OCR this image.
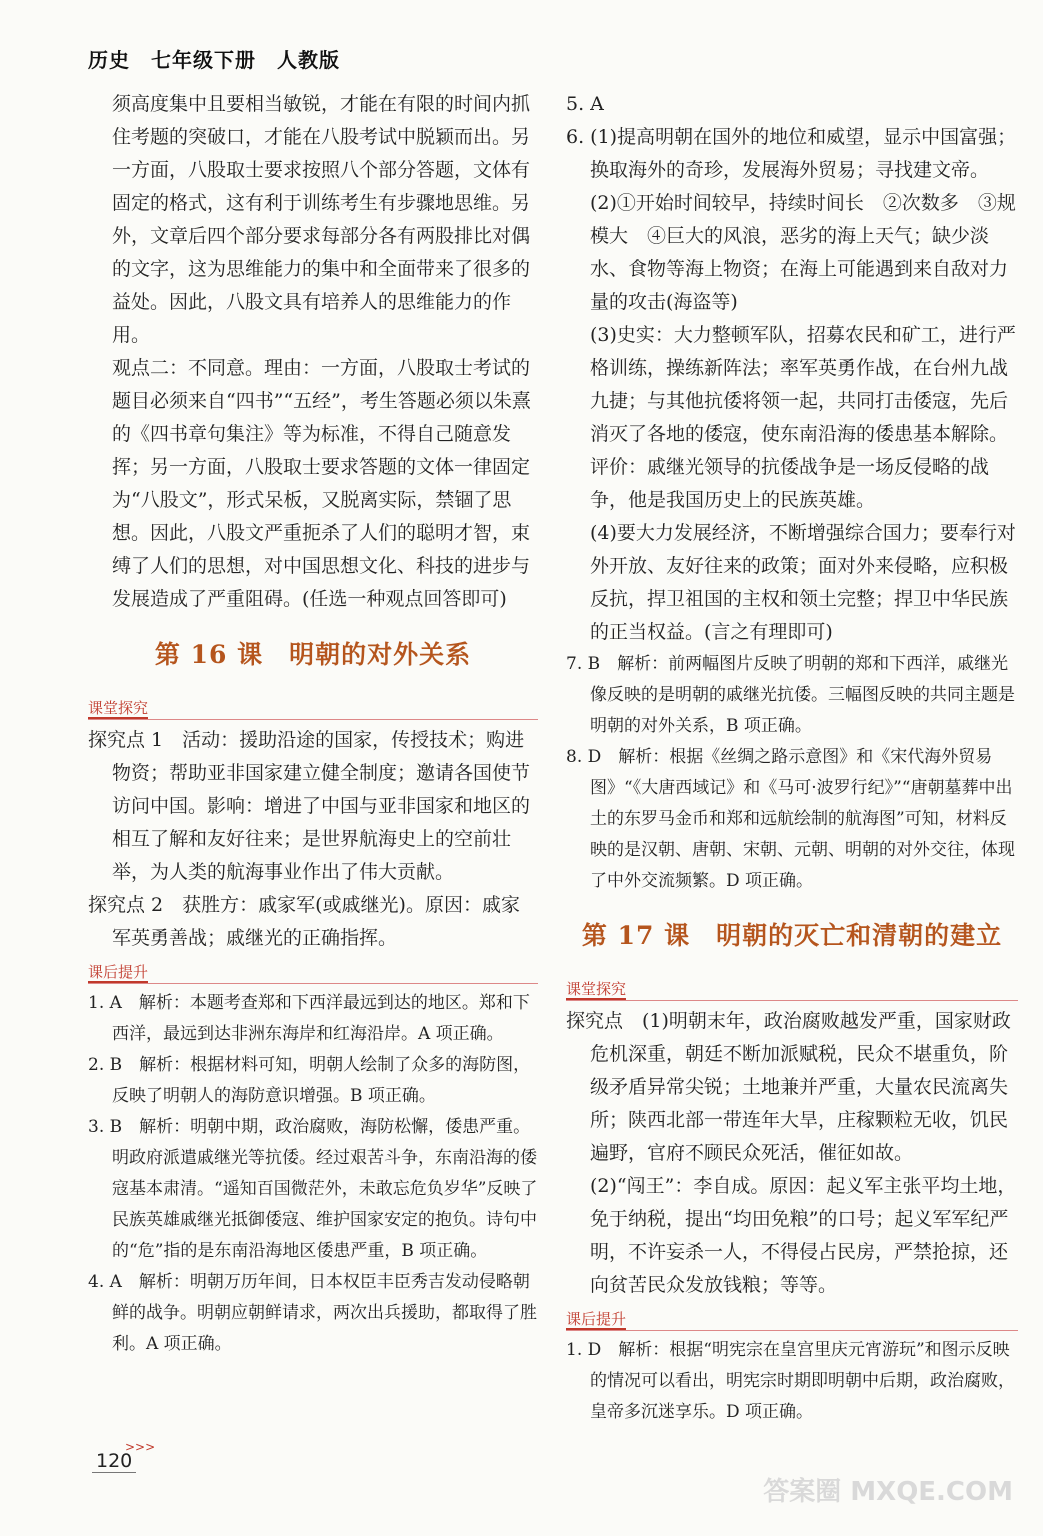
历史　七年级下册　人教版

须高度集中且要相当敏锐，才能在有限的时间内抓住考题的突破口，才能在八股考试中脱颖而出。另一方面，八股取士要求按照八个部分答题，文体有固定的格式，这有利于训练考生有步骤地思维。另外，文章后四个部分要求每部分各有两股排比对偶的文字，这为思维能力的集中和全面带来了很多的益处。因此，八股文具有培养人的思维能力的作用。

观点二：不同意。理由：一方面，八股取士考试的题目必须来自“四书”“五经”，考生答题必须以朱熹的《四书章句集注》等为标准，不得自己随意发挥；另一方面，八股取士要求答题的文体一律固定为“八股文”，形式呆板，又脱离实际，禁锢了思想。因此，八股文严重扼杀了人们的聪明才智，束缚了人们的思想，对中国思想文化、科技的进步与发展造成了严重阻碍。(任选一种观点回答即可)

第 16 课　明朝的对外关系
课堂探究

探究点 1　活动：援助沿途的国家，传授技术；购进物资；帮助亚非国家建立健全制度；邀请各国使节访问中国。影响：增进了中国与亚非国家和地区的相互了解和友好往来；是世界航海史上的空前壮举，为人类的航海事业作出了伟大贡献。

探究点 2　获胜方：戚家军(或戚继光)。原因：戚家军英勇善战；戚继光的正确指挥。

课后提升

1. A　解析：本题考查郑和下西洋最远到达的地区。郑和下西洋，最远到达非洲东海岸和红海沿岸。A 项正确。

2. B　解析：根据材料可知，明朝人绘制了众多的海防图，反映了明朝人的海防意识增强。B 项正确。

3. B　解析：明朝中期，政治腐败，海防松懈，倭患严重。明政府派遣戚继光等抗倭。经过艰苦斗争，东南沿海的倭寇基本肃清。“遥知百国微茫外，未敢忘危负岁华”反映了民族英雄戚继光抵御倭寇、维护国家安定的抱负。诗句中的“危”指的是东南沿海地区倭患严重，B 项正确。

4. A　解析：明朝万历年间，日本权臣丰臣秀吉发动侵略朝鲜的战争。明朝应朝鲜请求，两次出兵援助，都取得了胜利。A 项正确。

5. A

6. (1)提高明朝在国外的地位和威望，显示中国富强；换取海外的奇珍，发展海外贸易；寻找建文帝。

(2)①开始时间较早，持续时间长　②次数多　③规模大　④巨大的风浪，恶劣的海上天气；缺少淡水、食物等海上物资；在海上可能遇到来自敌对力量的攻击(海盗等)

(3)史实：大力整顿军队，招募农民和矿工，进行严格训练，操练新阵法；率军英勇作战，在台州九战九捷；与其他抗倭将领一起，共同打击倭寇，先后消灭了各地的倭寇，使东南沿海的倭患基本解除。

评价：戚继光领导的抗倭战争是一场反侵略的战争，他是我国历史上的民族英雄。

(4)要大力发展经济，不断增强综合国力；要奉行对外开放、友好往来的政策；面对外来侵略，应积极反抗，捍卫祖国的主权和领土完整；捍卫中华民族的正当权益。(言之有理即可)

7. B　解析：前两幅图片反映了明朝的郑和下西洋，戚继光像反映的是明朝的戚继光抗倭。三幅图反映的共同主题是明朝的对外关系，B 项正确。

8. D　解析：根据《丝绸之路示意图》和《宋代海外贸易图》“《大唐西域记》和《马可·波罗行纪》”“唐朝墓葬中出土的东罗马金币和郑和远航绘制的航海图”可知，材料反映的是汉朝、唐朝、宋朝、元朝、明朝的对外交往，体现了中外交流频繁。D 项正确。

第 17 课　明朝的灭亡和清朝的建立
课堂探究

探究点　(1)明朝末年，政治腐败越发严重，国家财政危机深重，朝廷不断加派赋税，民众不堪重负，阶级矛盾异常尖锐；土地兼并严重，大量农民流离失所；陕西北部一带连年大旱，庄稼颗粒无收，饥民遍野，官府不顾民众死活，催征如故。

(2)“闯王”：李自成。原因：起义军主张平均土地，免于纳税，提出“均田免粮”的口号；起义军军纪严明，不许妄杀一人，不得侵占民房，严禁抢掠，还向贫苦民众发放钱粮；等等。

课后提升

1. D　解析：根据“明宪宗在皇宫里庆元宵游玩”和图示反映的情况可以看出，明宪宗时期即明朝中后期，政治腐败，皇帝多沉迷享乐。D 项正确。

>>>
120
答案圈 MXQE.COM
